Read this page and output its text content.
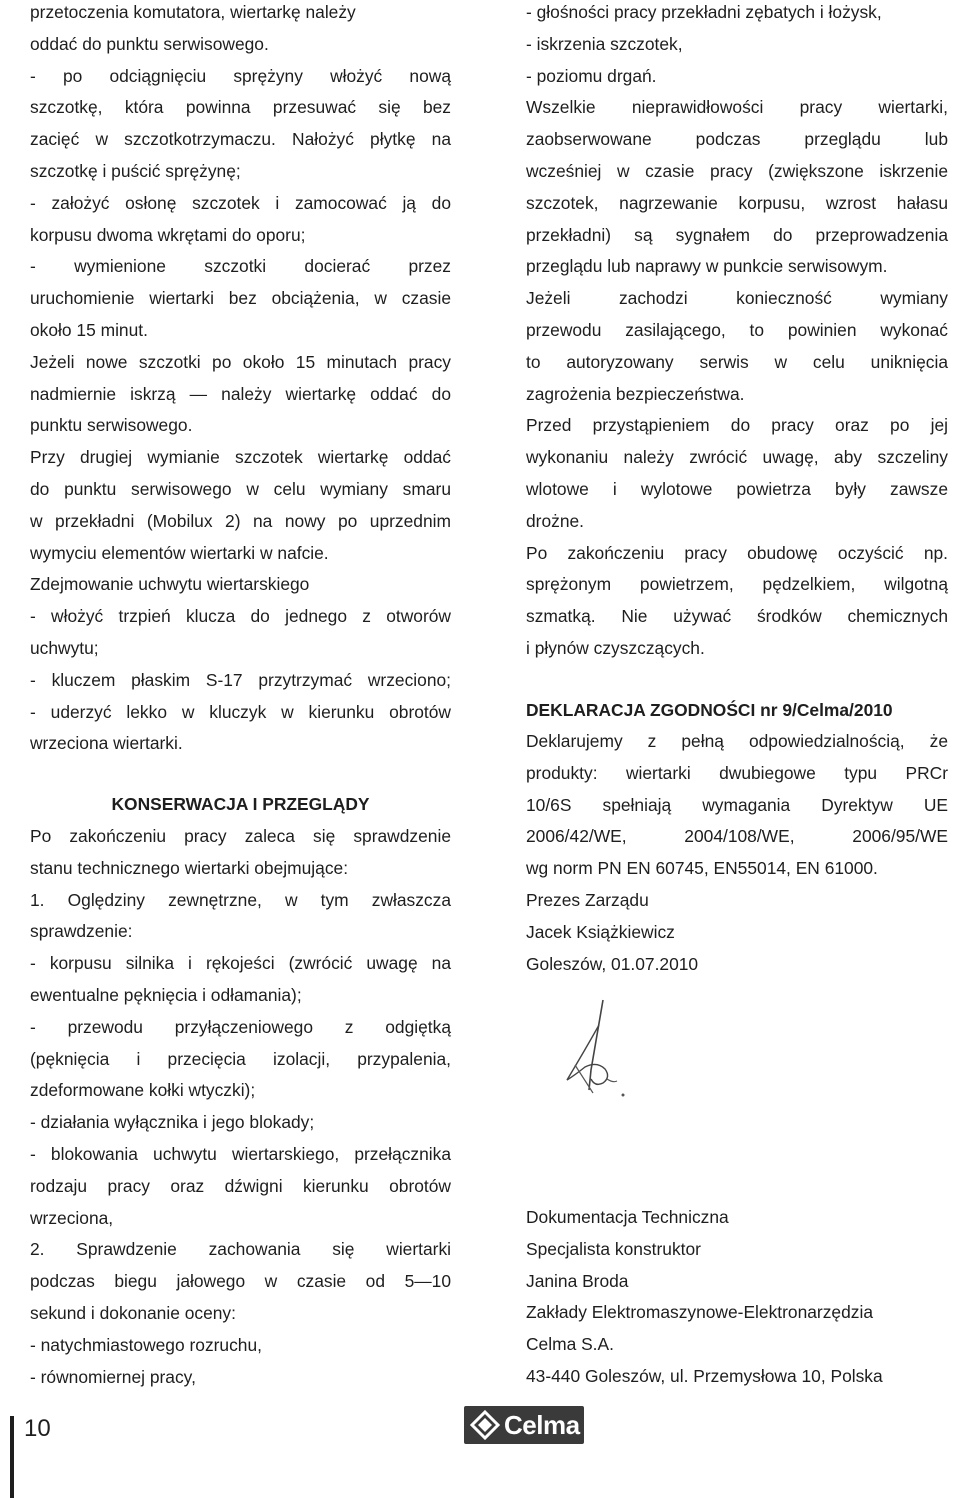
przetoczenia komutatora, wiertarkę należy
oddać do punktu serwisowego.
- po odciągnięciu sprężyny włożyć nową
szczotkę, która powinna przesuwać się bez
zacięć w szczotkotrzymaczu. Nałożyć płytkę na
szczotkę i puścić sprężynę;
- założyć osłonę szczotek i zamocować ją do
korpusu dwoma wkrętami do oporu;
- wymienione szczotki docierać przez
uruchomienie wiertarki bez obciążenia, w czasie
około 15 minut.
Jeżeli nowe szczotki po około 15 minutach pracy
nadmiernie iskrzą — należy wiertarkę oddać do
punktu serwisowego.
Przy drugiej wymianie szczotek wiertarkę oddać
do punktu serwisowego w celu wymiany smaru
w przekładni (Mobilux 2) na nowy po uprzednim
wymyciu elementów wiertarki w nafcie.
Zdejmowanie uchwytu wiertarskiego
- włożyć trzpień klucza do jednego z otworów
uchwytu;
- kluczem płaskim S-17 przytrzymać wrzeciono;
- uderzyć lekko w kluczyk w kierunku obrotów
wrzeciona wiertarki.
KONSERWACJA I PRZEGLĄDY
Po zakończeniu pracy zaleca się sprawdzenie
stanu technicznego wiertarki obejmujące:
1. Oględziny zewnętrzne, w tym zwłaszcza
sprawdzenie:
- korpusu silnika i rękojeści (zwrócić uwagę na
ewentualne pęknięcia i odłamania);
- przewodu przyłączeniowego z odgiętką
(pęknięcia i przecięcia izolacji, przypalenia,
zdeformowane kołki wtyczki);
- działania wyłącznika i jego blokady;
- blokowania uchwytu wiertarskiego, przełącznika
rodzaju pracy oraz dźwigni kierunku obrotów
wrzeciona,
2. Sprawdzenie zachowania się wiertarki
podczas biegu jałowego w czasie od 5—10
sekund i dokonanie oceny:
- natychmiastowego rozruchu,
- równomiernej pracy,
- głośności pracy przekładni zębatych i łożysk,
- iskrzenia szczotek,
- poziomu drgań.
Wszelkie nieprawidłowości pracy wiertarki,
zaobserwowane podczas przeglądu lub
wcześniej w czasie pracy (zwiększone iskrzenie
szczotek, nagrzewanie korpusu, wzrost hałasu
przekładni) są sygnałem do przeprowadzenia
przeglądu lub naprawy w punkcie serwisowym.
Jeżeli zachodzi konieczność wymiany
przewodu zasilającego, to powinien wykonać
to autoryzowany serwis w celu uniknięcia
zagrożenia bezpieczeństwa.
Przed przystąpieniem do pracy oraz po jej
wykonaniu należy zwrócić uwagę, aby szczeliny
wlotowe i wylotowe powietrza były zawsze
drożne.
Po zakończeniu pracy obudowę oczyścić np.
sprężonym powietrzem, pędzelkiem, wilgotną
szmatką. Nie używać środków chemicznych
i płynów czyszczących.
DEKLARACJA ZGODNOŚCI nr 9/Celma/2010
Deklarujemy z pełną odpowiedzialnością, że
produkty: wiertarki dwubiegowe typu PRCr
10/6S spełniają wymagania Dyrektyw UE
2006/42/WE, 2004/108/WE, 2006/95/WE
wg norm PN EN 60745, EN55014, EN 61000.
Prezes Zarządu
Jacek Książkiewicz
Goleszów, 01.07.2010
Dokumentacja Techniczna
Specjalista konstruktor
Janina Broda
Zakłady Elektromaszynowe-Elektronarzędzia
Celma S.A.
43-440 Goleszów, ul. Przemysłowa 10, Polska
10	Celma
